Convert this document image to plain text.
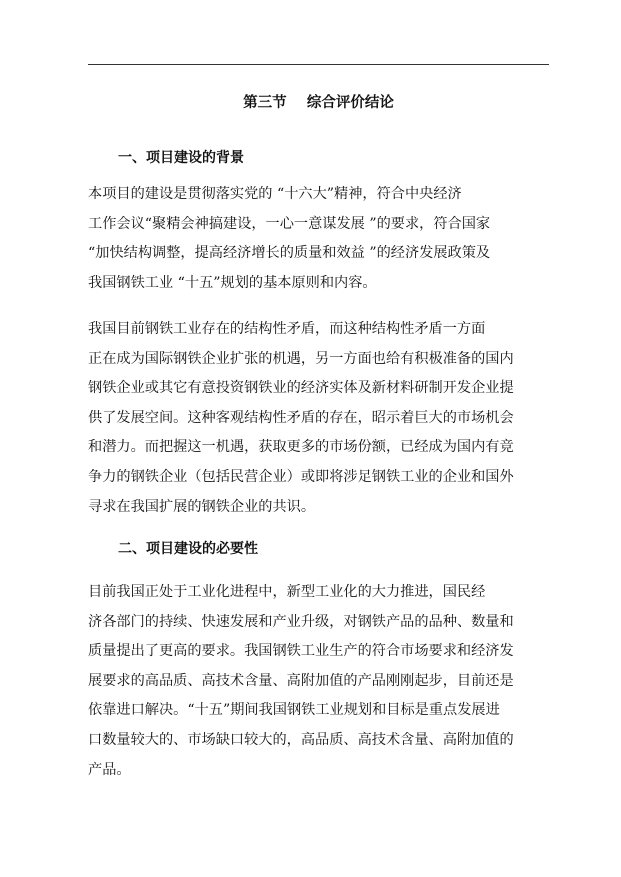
第三节    综合评价结论
一、项目建设的背景
本项目的建设是贯彻落实党的 “十六大”精神，符合中央经济
工作会议“聚精会神搞建设，一心一意谋发展 ”的要求，符合国家
“加快结构调整，提高经济增长的质量和效益 ”的经济发展政策及
我国钢铁工业 “十五”规划的基本原则和内容。
我国目前钢铁工业存在的结构性矛盾，而这种结构性矛盾一方面
正在成为国际钢铁企业扩张的机遇，另一方面也给有积极准备的国内
钢铁企业或其它有意投资钢铁业的经济实体及新材料研制开发企业提
供了发展空间。这种客观结构性矛盾的存在，昭示着巨大的市场机会
和潜力。而把握这一机遇，获取更多的市场份额，已经成为国内有竞
争力的钢铁企业（包括民营企业）或即将涉足钢铁工业的企业和国外
寻求在我国扩展的钢铁企业的共识。
二、项目建设的必要性
目前我国正处于工业化进程中，新型工业化的大力推进，国民经
济各部门的持续、快速发展和产业升级，对钢铁产品的品种、数量和
质量提出了更高的要求。我国钢铁工业生产的符合市场要求和经济发
展要求的高品质、高技术含量、高附加值的产品刚刚起步，目前还是
依靠进口解决。“十五”期间我国钢铁工业规划和目标是重点发展进
口数量较大的、市场缺口较大的，高品质、高技术含量、高附加值的
产品。
